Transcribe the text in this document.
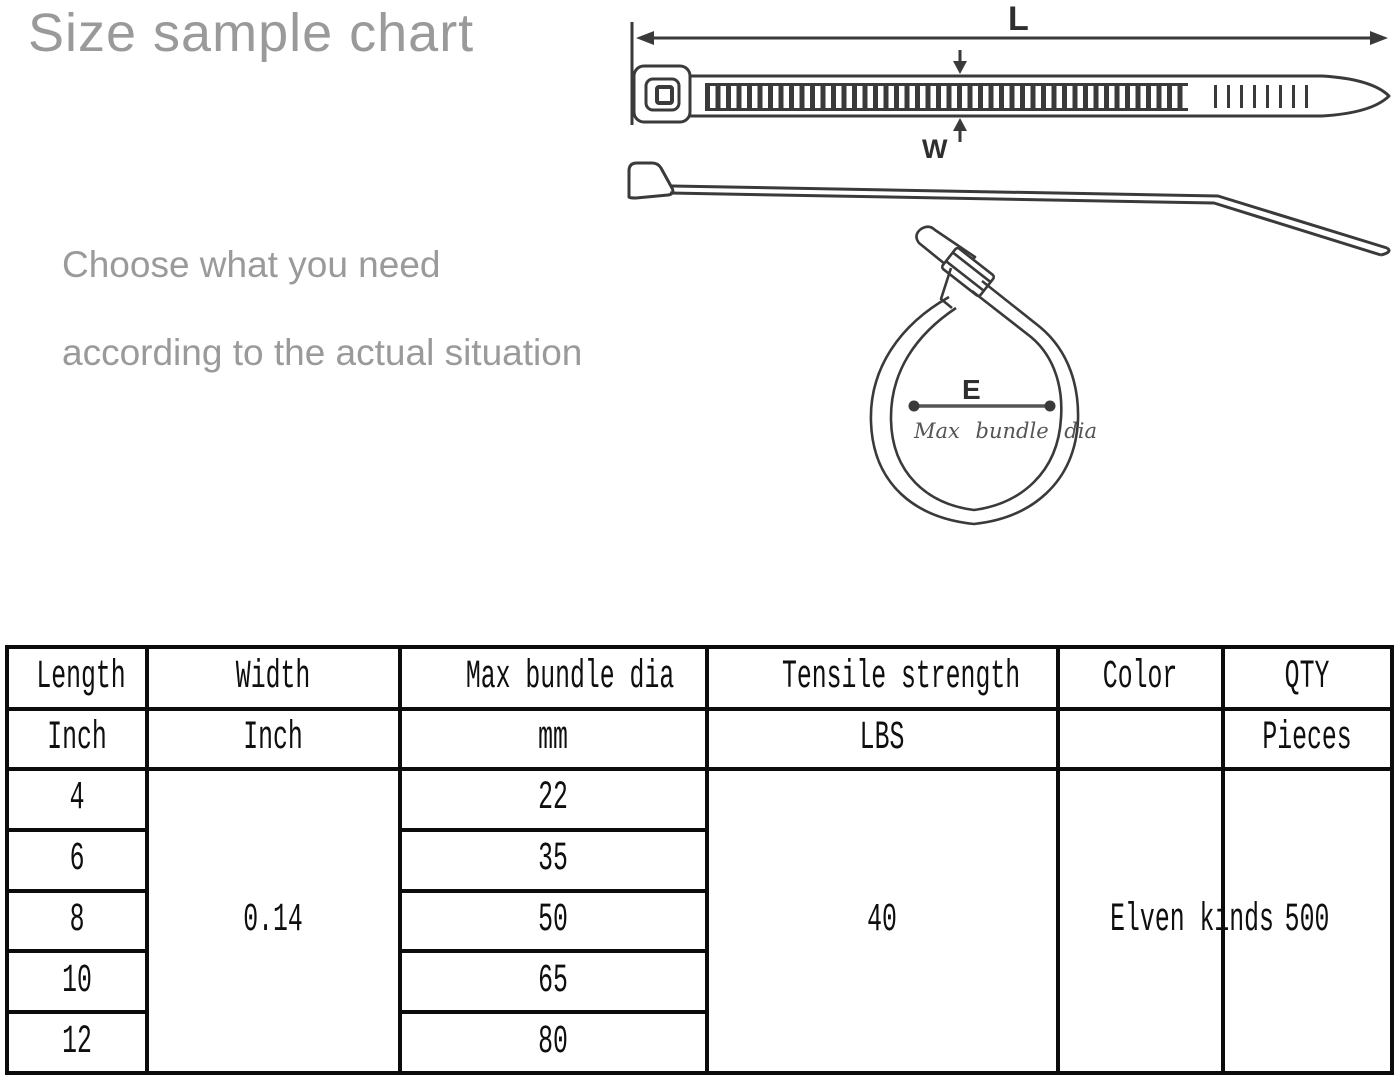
Size sample chart
Choose what you need
according to the actual situation
L
W
E
Max bundle dia
Length	Width	Max bundle dia	Tensile strength	Color	QTY
Inch	Inch	mm	LBS		Pieces
4	0.14	22	40	Elven kinds	500
6		35			
8		50			
10		65			
12		80			
